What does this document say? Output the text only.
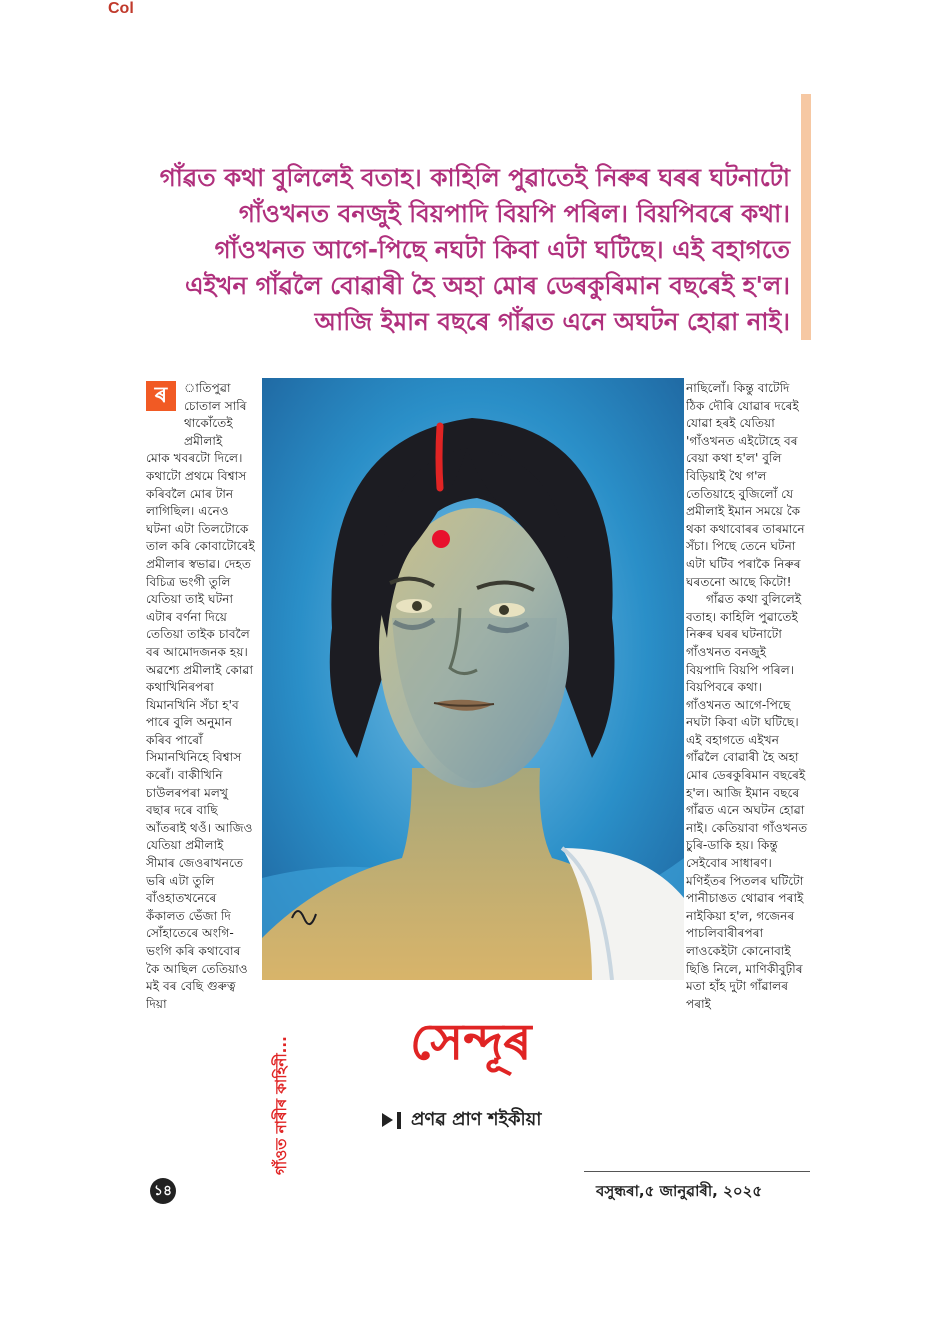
Col
গাঁৱত কথা বুলিলেই বতাহ। কাহিলি পুৱাতেই নিৰুৰ ঘৰৰ ঘটনাটো গাঁওখনত বনজুই বিয়পাদি বিয়পি পৰিল। বিয়পিবৰে কথা। গাঁওখনত আগে-পিছে নঘটা কিবা এটা ঘটিছে। এই বহাগতে এইখন গাঁৱলৈ বোৱাৰী হৈ অহা মোৰ ডেৰকুৰিমান বছৰেই হ'ল। আজি ইমান বছৰে গাঁৱত এনে অঘটন হোৱা নাই।
ৰ	াতিপুৱা
চোতাল সাৰি
থাকোঁতেই
প্ৰমীলাই
মোক খবৰটো দিলে। কথাটো প্ৰথমে বিশ্বাস কৰিবলৈ মোৰ টান লাগিছিল। এনেও ঘটনা এটা তিলটোকে তাল কৰি কোবাটোৰেই প্ৰমীলাৰ স্বভাৱ। দেহত বিচিত্ৰ ভংগী তুলি যেতিয়া তাই ঘটনা এটাৰ বৰ্ণনা দিয়ে তেতিয়া তাইক চাবলৈ বৰ আমোদজনক হয়। অৱশ্যে প্ৰমীলাই কোৱা কথাখিনিৰপৰা যিমানখিনি সঁচা হ'ব পাৰে বুলি অনুমান কৰিব পাৰোঁ সিমানখিনিহে বিশ্বাস কৰোঁ। বাকীখিনি চাউলৰপৰা মলখু বছাৰ দৰে বাছি আঁতৰাই থওঁ। আজিও যেতিয়া প্ৰমীলাই সীমাৰ জেওৰাখনতে ভৰি এটা তুলি বাঁওহাতখনেৰে কঁকালত ভেঁজা দি সোঁহাতেৰে অংগি-ভংগি কৰি কথাবোৰ কৈ আছিল তেতিয়াও মই বৰ বেছি গুৰুত্ব দিয়া
নাছিলোঁ। কিন্তু বাটেদি ঠিক দৌৰি যোৱাৰ দৰেই যোৱা হৰই যেতিয়া 'গাঁওখনত এইটোহে বৰ বেয়া কথা হ'ল' বুলি বিড়িয়াই থৈ গ'ল তেতিয়াহে বুজিলোঁ যে প্ৰমীলাই ইমান সময়ে কৈ থকা কথাবোৰৰ তাৰমানে সঁচা। পিছে তেনে ঘটনা এটা ঘটিব পৰাকৈ নিৰুৰ ঘৰতনো আছে কিটো!
গাঁৱত কথা বুলিলেই বতাহ। কাহিলি পুৱাতেই নিৰুৰ ঘৰৰ ঘটনাটো গাঁওখনত বনজুই বিয়পাদি বিয়পি পৰিল। বিয়পিবৰে কথা। গাঁওখনত আগে-পিছে নঘটা কিবা এটা ঘটিছে। এই বহাগতে এইখন গাঁৱলৈ বোৱাৰী হৈ অহা মোৰ ডেৰকুৰিমান বছৰেই হ'ল। আজি ইমান বছৰে গাঁৱত এনে অঘটন হোৱা নাই। কেতিয়াবা গাঁওখনত চুৰি-ডাকি হয়। কিন্তু সেইবোৰ সাধাৰণ। মণিহঁতৰ পিতলৰ ঘটিটো পানীচাঙত থোৱাৰ পৰাই নাইকিয়া হ'ল, গজেনৰ পাচলিবাৰীৰপৰা লাওকেইটা কোনোবাই ছিঙি নিলে, মাণিকীবুঢ়ীৰ মতা হাঁহ দুটা গাঁৱালৰ পৰাই
গাঁওত নাৰীৰ কাহিনী... সেন্দূৰ
প্ৰণৱ প্ৰাণ শইকীয়া
১৪	বসুন্ধৰা,৫ জানুৱাৰী, ২০২৫
